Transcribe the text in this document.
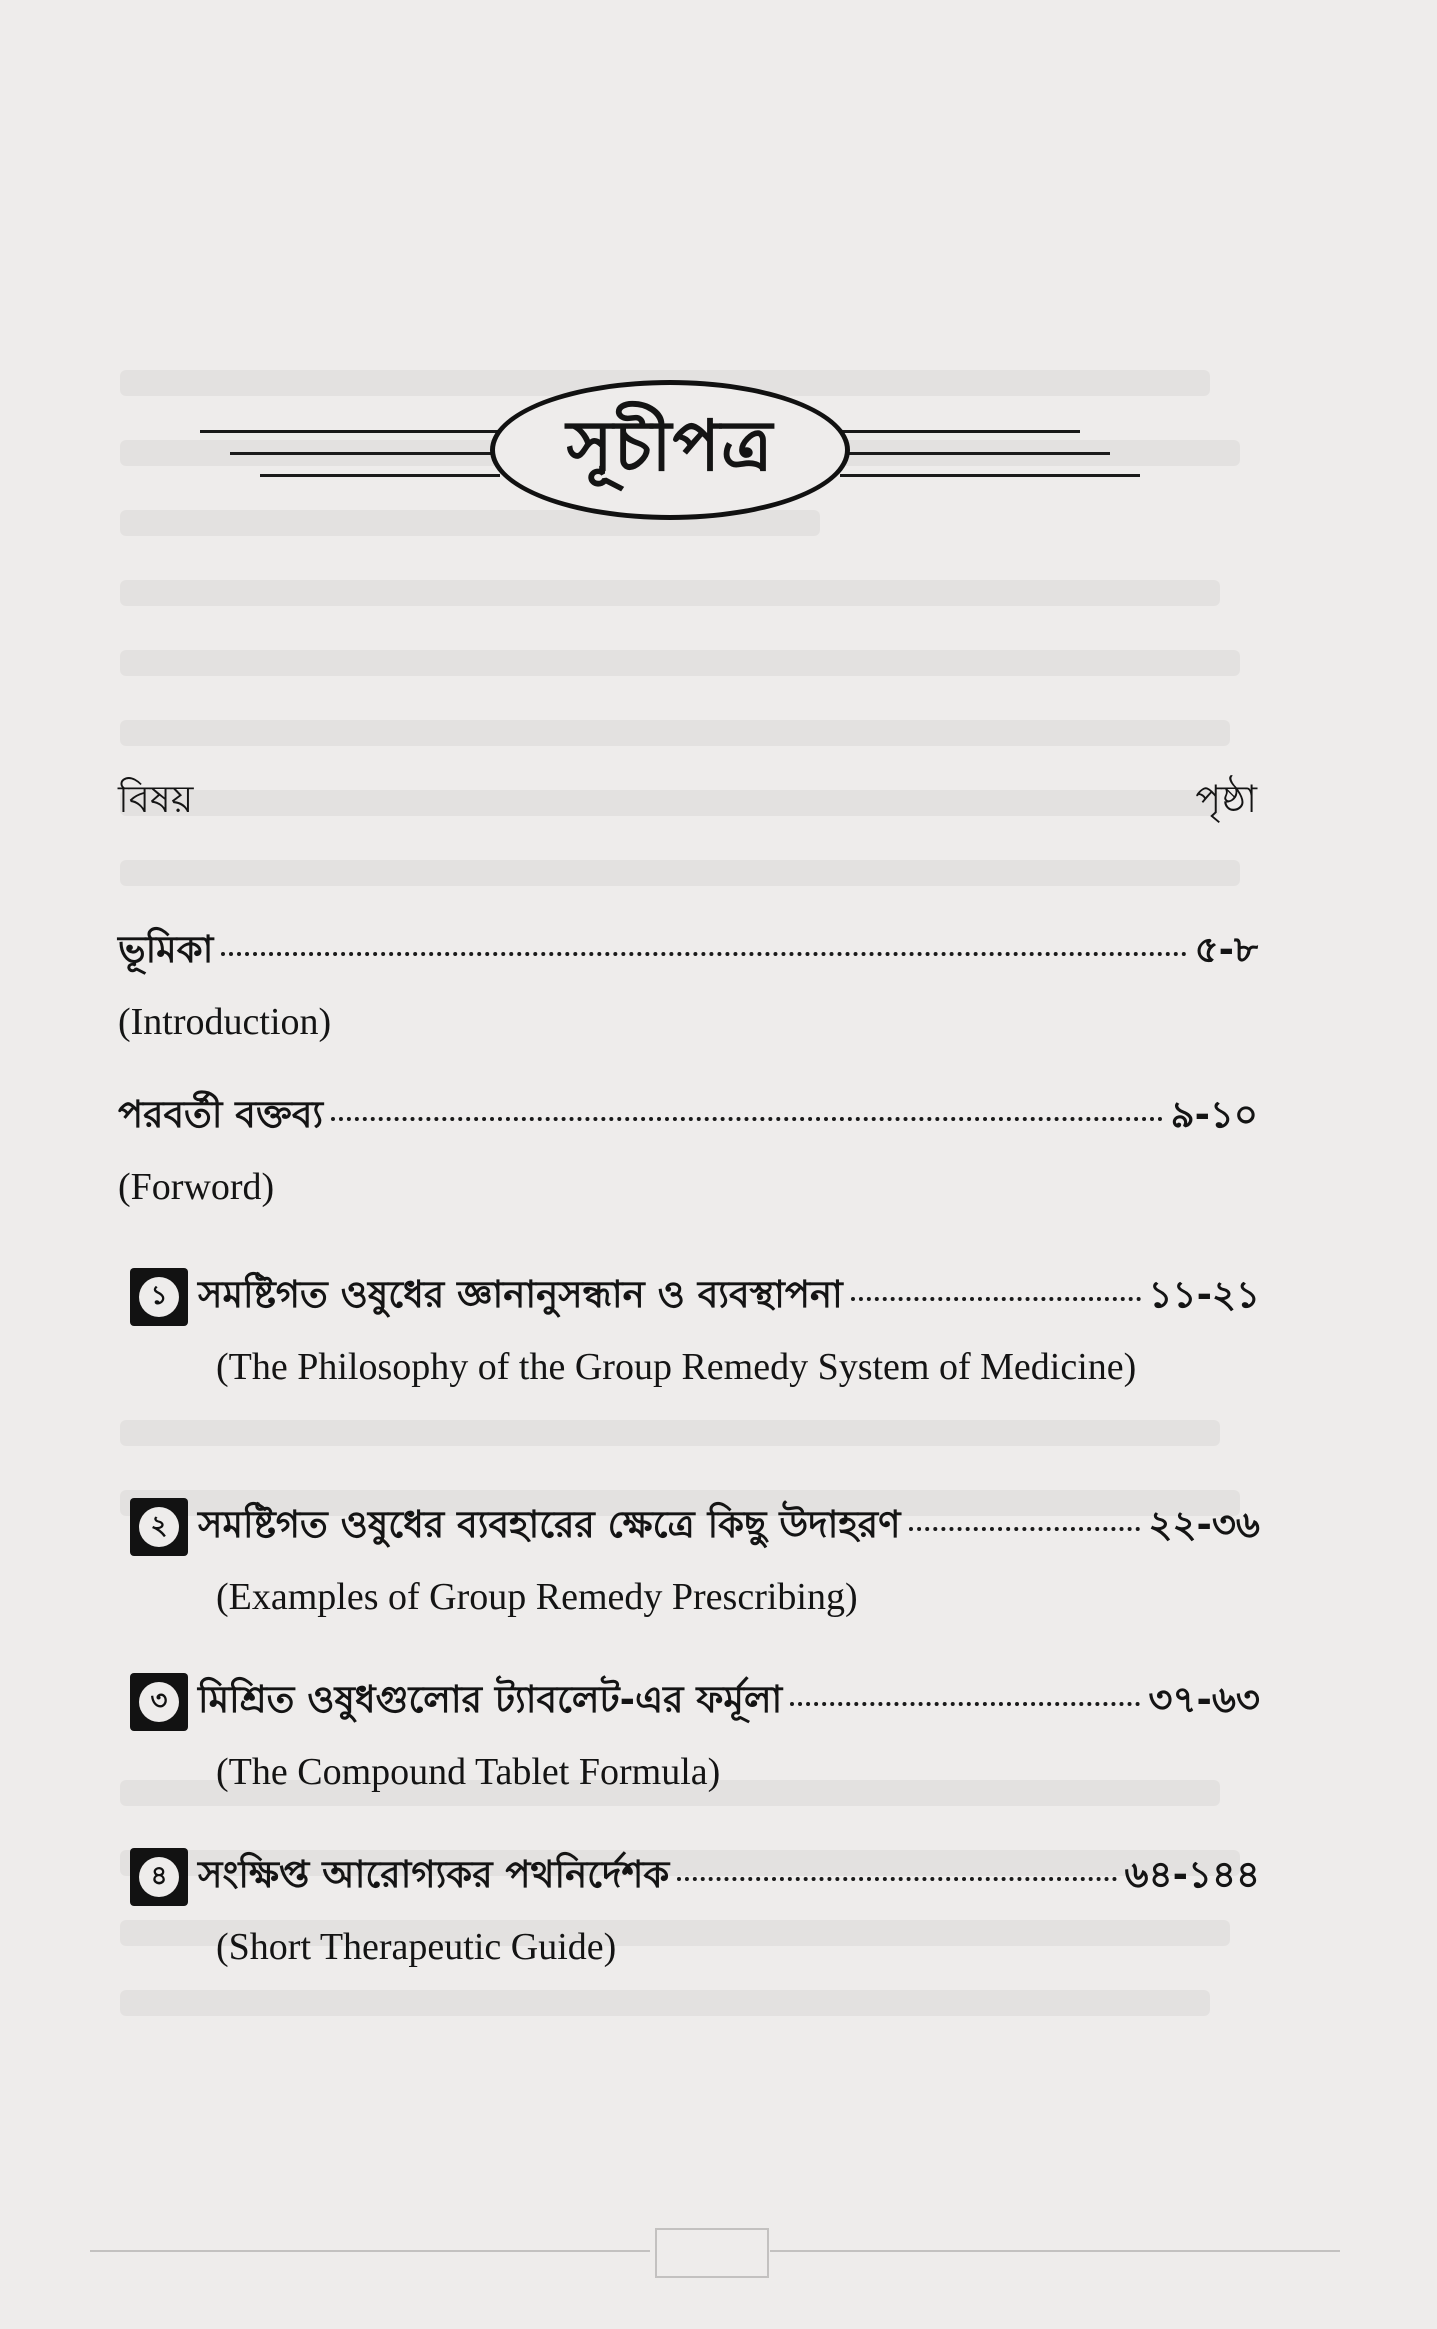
সূচীপত্র
বিষয়	পৃষ্ঠা
ভূমিকা	৫-৮
(Introduction)
পরবর্তী বক্তব্য	৯-১০
(Forword)
১ সমষ্টিগত ওষুধের জ্ঞানানুসন্ধান ও ব্যবস্থাপনা	১১-২১
(The Philosophy of the Group Remedy System of Medicine)
২ সমষ্টিগত ওষুধের ব্যবহারের ক্ষেত্রে কিছু উদাহরণ	২২-৩৬
(Examples of Group Remedy Prescribing)
৩ মিশ্রিত ওষুধগুলোর ট্যাবলেট-এর ফর্মূলা	৩৭-৬৩
(The Compound Tablet Formula)
৪ সংক্ষিপ্ত আরোগ্যকর পথনির্দেশক	৬৪-১৪৪
(Short Therapeutic Guide)
